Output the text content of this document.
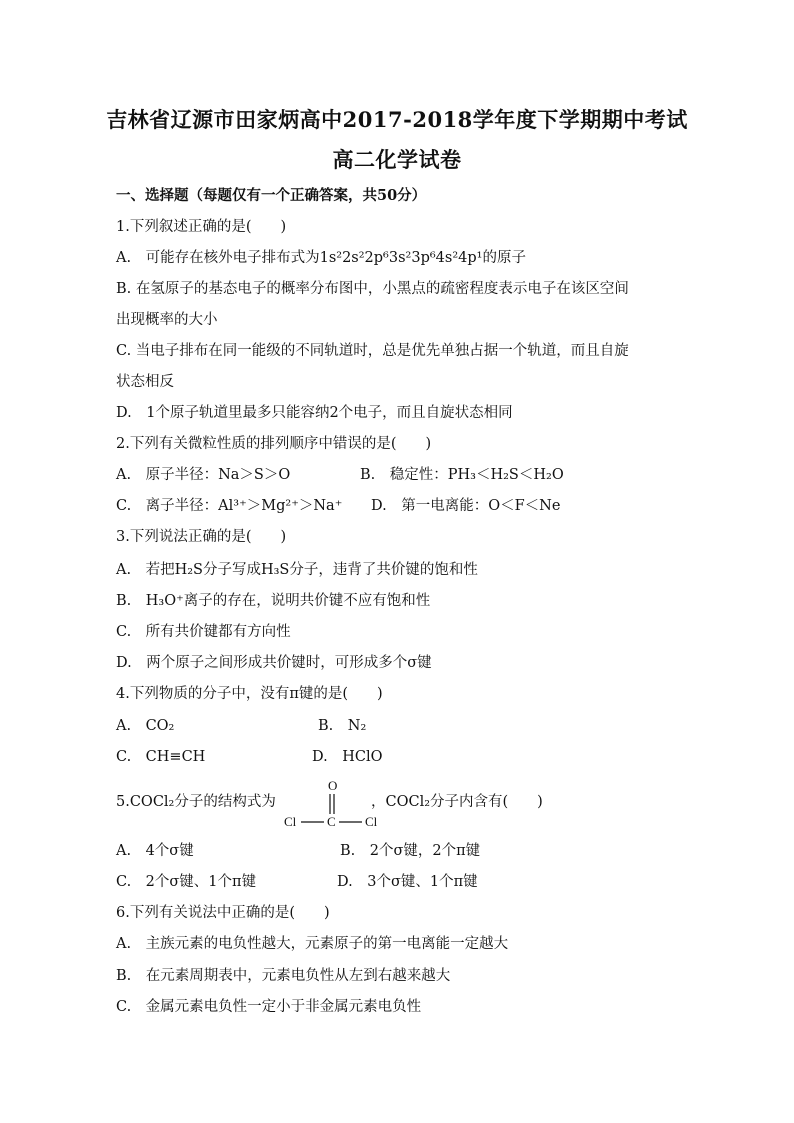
吉林省辽源市田家炳高中2017-2018学年度下学期期中考试
高二化学试卷
一、选择题（每题仅有一个正确答案，共50分）
1.下列叙述正确的是(　　)
A.　可能存在核外电子排布式为1s²2s²2p⁶3s²3p⁶4s²4p¹的原子
B. 在氢原子的基态电子的概率分布图中，小黑点的疏密程度表示电子在该区空间
出现概率的大小
C. 当电子排布在同一能级的不同轨道时，总是优先单独占据一个轨道，而且自旋
状态相反
D.　1个原子轨道里最多只能容纳2个电子，而且自旋状态相同
2.下列有关微粒性质的排列顺序中错误的是(　　)
A.　原子半径：Na＞S＞O	B.　稳定性：PH₃＜H₂S＜H₂O
C.　离子半径：Al³⁺＞Mg²⁺＞Na⁺ D.　第一电离能：O＜F＜Ne
3.下列说法正确的是(　　)
A.　若把H₂S分子写成H₃S分子，违背了共价键的饱和性
B.　H₃O⁺离子的存在，说明共价键不应有饱和性
C.　所有共价键都有方向性
D.　两个原子之间形成共价键时，可形成多个σ键
4.下列物质的分子中，没有π键的是(　　)
A.　CO₂	B.　N₂
C.　CH≡CH	D.　HClO
5.COCl₂分子的结构式为	，COCl₂分子内含有(　　)
O
Cl C Cl
A.　4个σ键	B.　2个σ键，2个π键
C.　2个σ键、1个π键	D.　3个σ键、1个π键
6.下列有关说法中正确的是(　　)
A.　主族元素的电负性越大，元素原子的第一电离能一定越大
B.　在元素周期表中，元素电负性从左到右越来越大
C.　金属元素电负性一定小于非金属元素电负性
